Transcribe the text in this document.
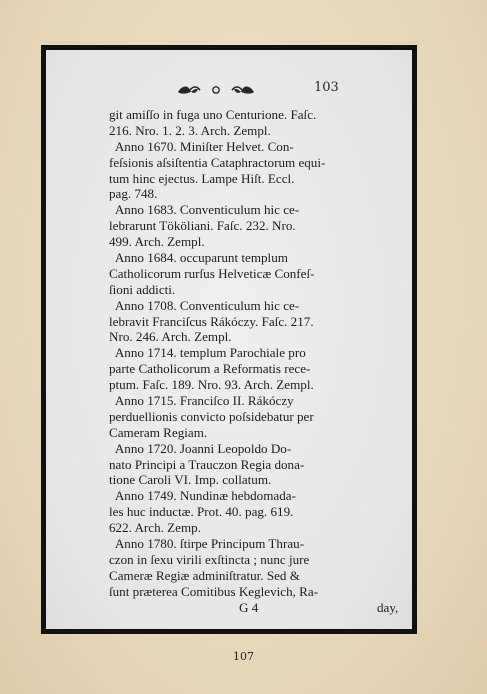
103
git amiſſo in fuga uno Centurione. Faſc.
216. Nro. 1. 2. 3. Arch. Zempl.
Anno 1670. Miniſter Helvet. Con-
feſsionis aſsiſtentia Cataphractorum equi-
tum hinc ejectus. Lampe Hiſt. Eccl.
pag. 748.
Anno 1683. Conventiculum hic ce-
lebrarunt Tököliani. Faſc. 232. Nro.
499. Arch. Zempl.
Anno 1684. occuparunt templum
Catholicorum rurſus Helveticæ Confeſ-
ſioni addicti.
Anno 1708. Conventiculum hic ce-
lebravit Franciſcus Rákóczy. Faſc. 217.
Nro. 246. Arch. Zempl.
Anno 1714. templum Parochiale pro
parte Catholicorum a Reformatis rece-
ptum. Faſc. 189. Nro. 93. Arch. Zempl.
Anno 1715. Franciſco II. Rákóczy
perduellionis convicto poſsidebatur per
Cameram Regiam.
Anno 1720. Joanni Leopoldo Do-
nato Principi a Trauczon Regia dona-
tione Caroli VI. Imp. collatum.
Anno 1749. Nundinæ hebdomada-
les huc inductæ. Prot. 40. pag. 619.
622. Arch. Zemp.
Anno 1780. ſtirpe Principum Thrau-
czon in ſexu virili exſtincta ; nunc jure
Cameræ Regiæ adminiſtratur. Sed &
ſunt præterea Comitibus Keglevich, Ra-
G 4	day,
107
